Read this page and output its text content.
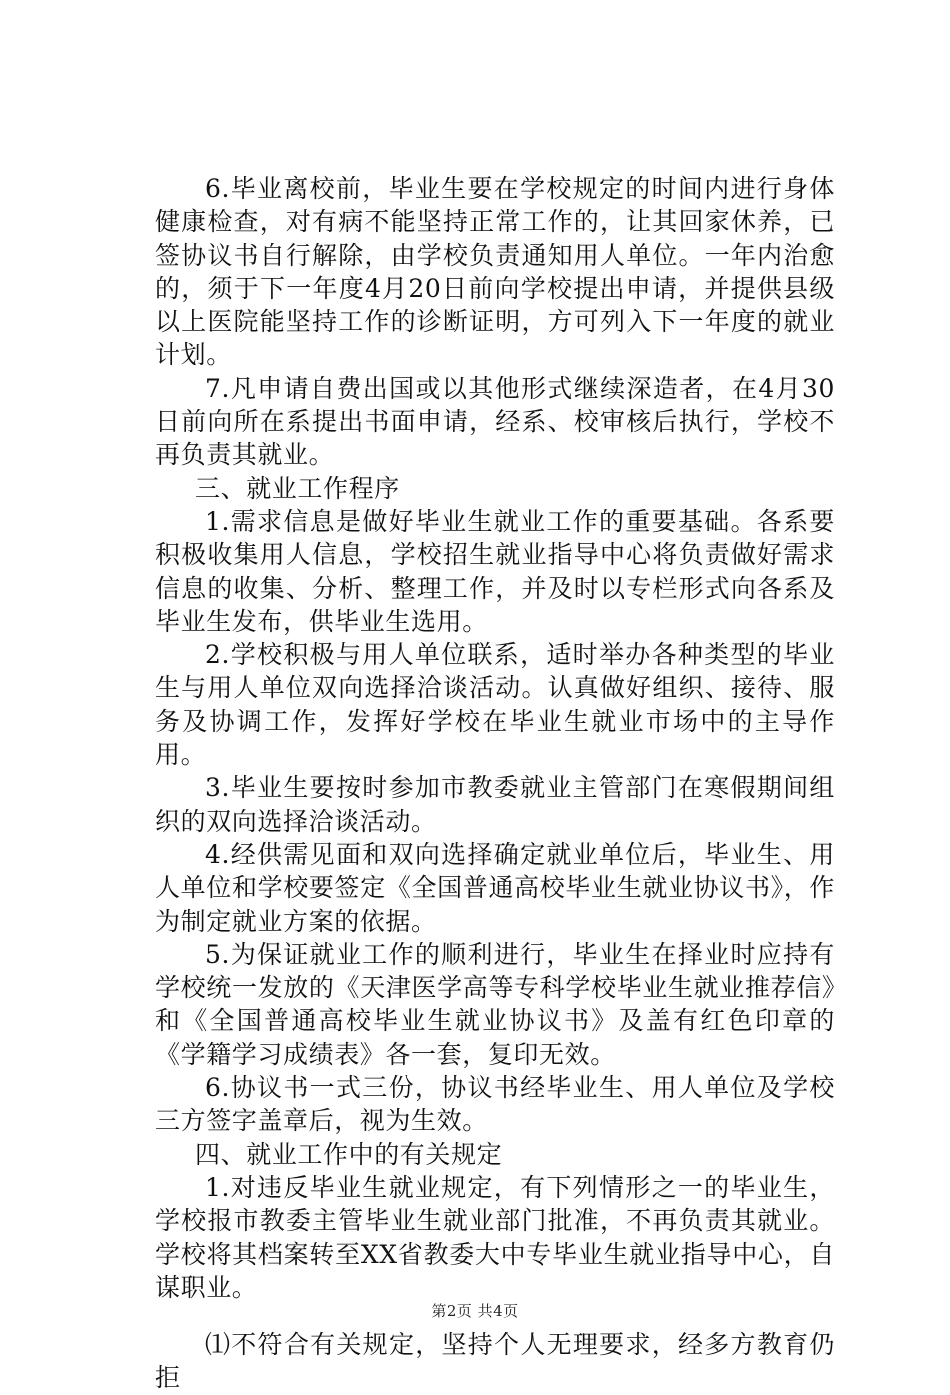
6.毕业离校前，毕业生要在学校规定的时间内进行身体健康检查，对有病不能坚持正常工作的，让其回家休养，已签协议书自行解除，由学校负责通知用人单位。一年内治愈的，须于下一年度4月20日前向学校提出申请，并提供县级以上医院能坚持工作的诊断证明，方可列入下一年度的就业计划。

7.凡申请自费出国或以其他形式继续深造者，在4月30日前向所在系提出书面申请，经系、校审核后执行，学校不再负责其就业。

三、就业工作程序

1.需求信息是做好毕业生就业工作的重要基础。各系要积极收集用人信息，学校招生就业指导中心将负责做好需求信息的收集、分析、整理工作，并及时以专栏形式向各系及毕业生发布，供毕业生选用。

2.学校积极与用人单位联系，适时举办各种类型的毕业生与用人单位双向选择洽谈活动。认真做好组织、接待、服务及协调工作，发挥好学校在毕业生就业市场中的主导作用。

3.毕业生要按时参加市教委就业主管部门在寒假期间组织的双向选择洽谈活动。

4.经供需见面和双向选择确定就业单位后，毕业生、用人单位和学校要签定《全国普通高校毕业生就业协议书》，作为制定就业方案的依据。

5.为保证就业工作的顺利进行，毕业生在择业时应持有学校统一发放的《天津医学高等专科学校毕业生就业推荐信》和《全国普通高校毕业生就业协议书》及盖有红色印章的《学籍学习成绩表》各一套，复印无效。

6.协议书一式三份，协议书经毕业生、用人单位及学校三方签字盖章后，视为生效。

四、就业工作中的有关规定

1.对违反毕业生就业规定，有下列情形之一的毕业生，学校报市教委主管毕业生就业部门批准，不再负责其就业。学校将其档案转至XX省教委大中专毕业生就业指导中心，自谋职业。

⑴不符合有关规定，坚持个人无理要求，经多方教育仍拒

第2页 共4页
